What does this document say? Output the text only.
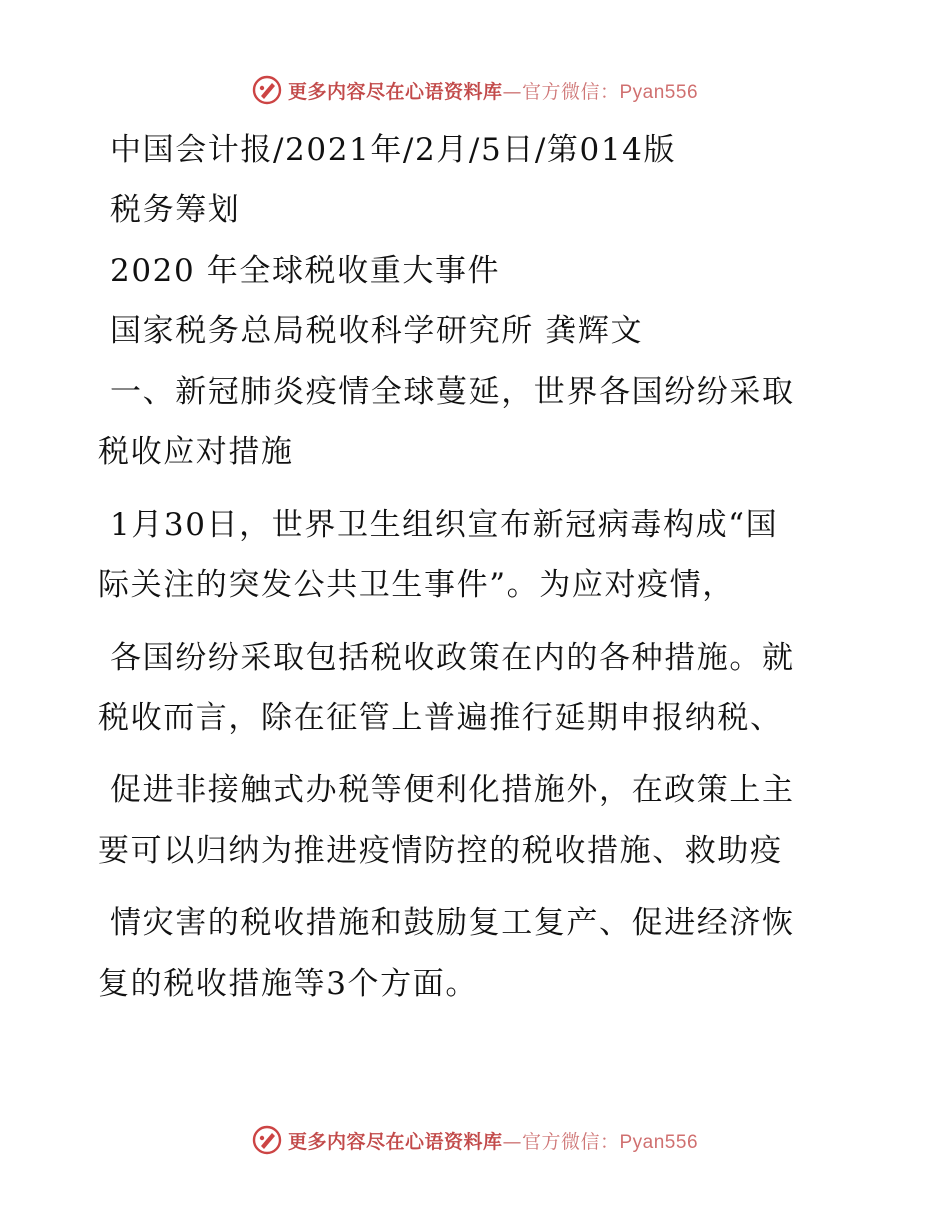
更多内容尽在心语资料库—官方微信：Pyan556
中国会计报/2021年/2月/5日/第014版
税务筹划
2020 年全球税收重大事件
国家税务总局税收科学研究所 龚辉文
一、新冠肺炎疫情全球蔓延，世界各国纷纷采取
税收应对措施
1月30日，世界卫生组织宣布新冠病毒构成“国
际关注的突发公共卫生事件”。为应对疫情，
各国纷纷采取包括税收政策在内的各种措施。就
税收而言，除在征管上普遍推行延期申报纳税、
促进非接触式办税等便利化措施外，在政策上主
要可以归纳为推进疫情防控的税收措施、救助疫
情灾害的税收措施和鼓励复工复产、促进经济恢
复的税收措施等3个方面。
更多内容尽在心语资料库—官方微信：Pyan556
